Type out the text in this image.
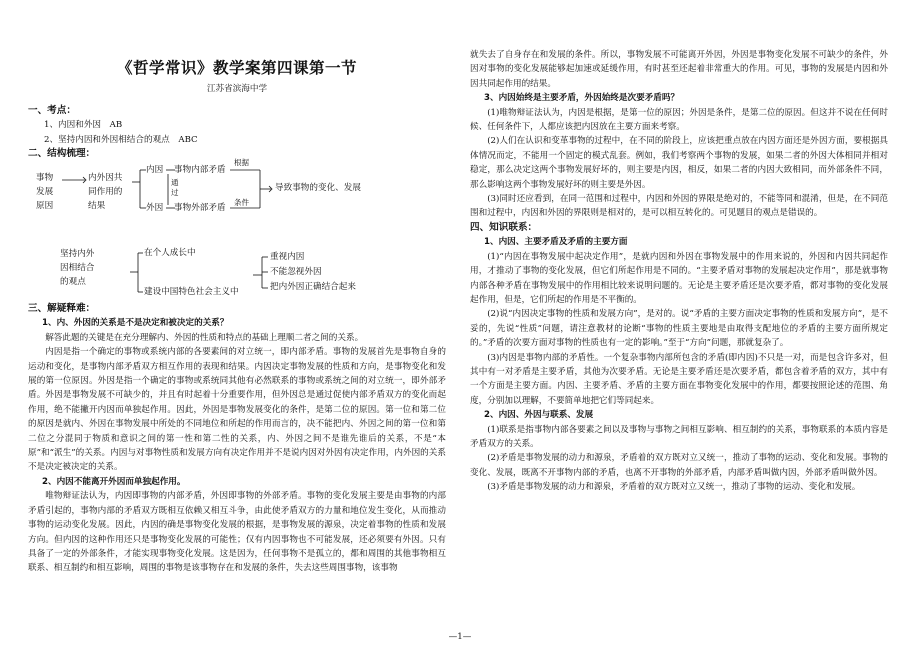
《哲学常识》教学案第四课第一节
江苏省滨海中学
一、考点：
1、内因和外因　AB
2、坚持内因和外因相结合的观点　ABC
二、结构梳理：
事物
发展
原因
内外因共
同作用的
结果
内因
外因
事物内部矛盾
事物外部矛盾
通
过
根据
条件
导致事物的变化、发展
坚持内外
因相结合
的观点
在个人成长中
建设中国特色社会主义中
重视内因
不能忽视外因
把内外因正确结合起来
三、解疑释难：
1、内、外因的关系是不是决定和被决定的关系？

解答此题的关键是在充分理解内、外因的性质和特点的基础上理顺二者之间的关系。

内因是指一个确定的事物或系统内部的各要素间的对立统一，即内部矛盾。事物的发展首先是事物自身的运动和变化，是事物内部矛盾双方相互作用的表现和结果。内因决定事物发展的性质和方向，是事物变化和发展的第一位原因。外因是指一个确定的事物或系统同其他有必然联系的事物或系统之间的对立统一，即外部矛盾。外因是事物发展不可缺少的，并且有时起着十分重要作用，但外因总是通过促使内部矛盾双方的变化而起作用，绝不能撇开内因而单独起作用。因此，外因是事物发展变化的条件，是第二位的原因。第一位和第二位的原因是就内、外因在事物发展中所处的不同地位和所起的作用而言的，决不能把内、外因之间的第一位和第二位之分混同于物质和意识之间的第一性和第二性的关系，内、外因之间不是谁先谁后的关系，不是“本原”和“派生”的关系。内因与对事物性质和发展方向有决定作用并不是说内因对外因有决定作用，内外因的关系不是决定被决定的关系。

2、内因不能离开外因而单独起作用。

唯物辩证法认为，内因即事物的内部矛盾，外因即事物的外部矛盾。事物的变化发展主要是由事物的内部矛盾引起的，事物内部的矛盾双方既相互依赖又相互斗争，由此使矛盾双方的力量和地位发生变化，从而推动事物的运动变化发展。因此，内因的确是事物变化发展的根据，是事物发展的源泉，决定着事物的性质和发展方向。但内因的这种作用还只是事物变化发展的可能性；仅有内因事物也不可能发展，还必须要有外因。只有具备了一定的外部条件，才能实现事物变化发展。这是因为，任何事物不是孤立的，都和周围的其他事物相互联系、相互制约和相互影响，周围的事物是该事物存在和发展的条件，失去这些周围事物，该事物

就失去了自身存在和发展的条件。所以，事物发展不可能离开外因，外因是事物变化发展不可缺少的条件，外因对事物的变化发展能够起加速或延缓作用，有时甚至还起着非常重大的作用。可见，事物的发展是内因和外因共同起作用的结果。

3、内因始终是主要矛盾，外因始终是次要矛盾吗？

(1)唯物辩证法认为，内因是根据，是第一位的原因；外因是条件，是第二位的原因。但这并不说在任何时候、任何条件下，人都应该把内因放在主要方面来考察。

(2)人们在认识和变革事物的过程中，在不同的阶段上，应该把重点放在内因方面还是外因方面，要根据具体情况而定，不能用一个固定的模式乱套。例如，我们考察两个事物的发展，如果二者的外因大体相同并相对稳定，那么决定这两个事物发展好坏的，则主要是内因，相反，如果二者的内因大致相同，而外部条件不同，那么影响这两个事物发展好坏的则主要是外因。

(3)同时还应看到，在同一范围和过程中，内因和外因的界限是绝对的，不能等同和混淆，但是，在不同范围和过程中，内因和外因的界限则是相对的，是可以相互转化的。可见题目的观点是错误的。

四、知识联系：
1、内因、主要矛盾及矛盾的主要方面

(1)“内因在事物发展中起决定作用”，是就内因和外因在事物发展中的作用来说的，外因和内因共同起作用，才推动了事物的变化发展，但它们所起作用是不同的。“主要矛盾对事物的发展起决定作用”，那是就事物内部各种矛盾在事物发展中的作用相比较来说明问题的。无论是主要矛盾还是次要矛盾，都对事物的变化发展起作用，但是，它们所起的作用是不平衡的。

(2)说“内因决定事物的性质和发展方向”，是对的。说“矛盾的主要方面决定事物的性质和发展方向”，是不妥的，先说“性质”问题，请注意教材的论断“事物的性质主要地是由取得支配地位的矛盾的主要方面所规定的。”矛盾的次要方面对事物的性质也有一定的影响。”至于“方向”问题，那就复杂了。

(3)内因是事物内部的矛盾性。一个复杂事物内部所包含的矛盾(即内因)不只是一对，而是包含许多对，但其中有一对矛盾是主要矛盾，其他为次要矛盾。无论是主要矛盾还是次要矛盾，都包含着矛盾的双方，其中有一个方面是主要方面。内因、主要矛盾、矛盾的主要方面在事物变化发展中的作用，都要按照论述的范围、角度，分别加以理解，不要简单地把它们等同起来。

2、内因、外因与联系、发展

(1)联系是指事物内部各要素之间以及事物与事物之间相互影响、相互制约的关系，事物联系的本质内容是矛盾双方的关系。

(2)矛盾是事物发展的动力和源泉，矛盾着的双方既对立又统一，推动了事物的运动、变化和发展。事物的变化、发展，既离不开事物内部的矛盾，也离不开事物的外部矛盾，内部矛盾叫做内因，外部矛盾叫做外因。

(3)矛盾是事物发展的动力和源泉，矛盾着的双方既对立又统一，推动了事物的运动、变化和发展。

—1—
